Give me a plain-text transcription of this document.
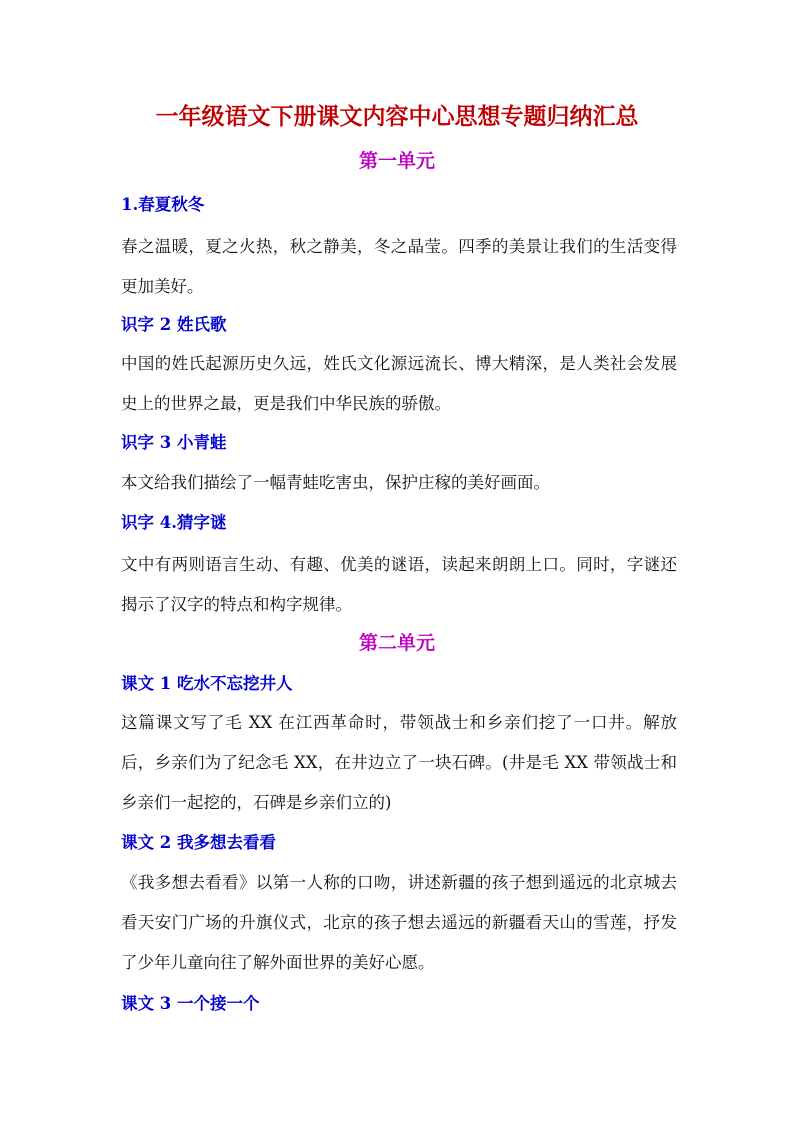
一年级语文下册课文内容中心思想专题归纳汇总
第一单元
1.春夏秋冬

春之温暖，夏之火热，秋之静美，冬之晶莹。四季的美景让我们的生活变得更加美好。

识字 2 姓氏歌

中国的姓氏起源历史久远，姓氏文化源远流长、博大精深，是人类社会发展史上的世界之最，更是我们中华民族的骄傲。

识字 3 小青蛙

本文给我们描绘了一幅青蛙吃害虫，保护庄稼的美好画面。

识字 4.猜字谜

文中有两则语言生动、有趣、优美的谜语，读起来朗朗上口。同时，字谜还揭示了汉字的特点和构字规律。

第二单元
课文 1 吃水不忘挖井人

这篇课文写了毛 XX 在江西革命时，带领战士和乡亲们挖了一口井。解放后，乡亲们为了纪念毛 XX，在井边立了一块石碑。(井是毛 XX 带领战士和乡亲们一起挖的，石碑是乡亲们立的)

课文 2 我多想去看看

《我多想去看看》以第一人称的口吻，讲述新疆的孩子想到遥远的北京城去看天安门广场的升旗仪式，北京的孩子想去遥远的新疆看天山的雪莲，抒发了少年儿童向往了解外面世界的美好心愿。

课文 3 一个接一个
